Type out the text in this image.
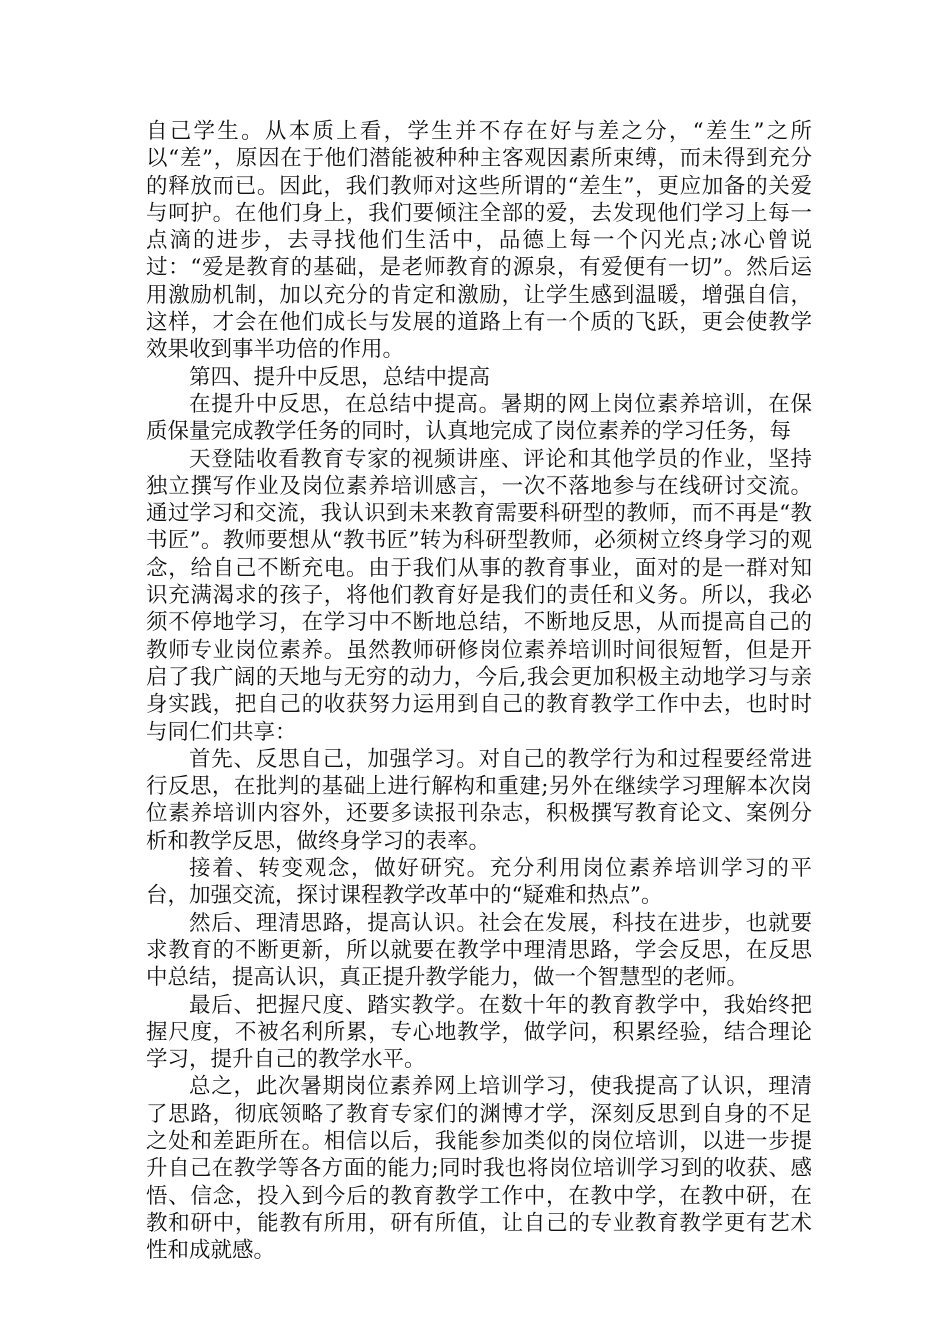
自己学生。从本质上看，学生并不存在好与差之分，“差生”之所以“差”，原因在于他们潜能被种种主客观因素所束缚，而未得到充分的释放而已。因此，我们教师对这些所谓的“差生”，更应加备的关爱与呵护。在他们身上，我们要倾注全部的爱，去发现他们学习上每一点滴的进步，去寻找他们生活中，品德上每一个闪光点;冰心曾说过：“爱是教育的基础，是老师教育的源泉，有爱便有一切”。然后运用激励机制，加以充分的肯定和激励，让学生感到温暖，增强自信，这样，才会在他们成长与发展的道路上有一个质的飞跃，更会使教学效果收到事半功倍的作用。

第四、提升中反思，总结中提高

在提升中反思，在总结中提高。暑期的网上岗位素养培训，在保质保量完成教学任务的同时，认真地完成了岗位素养的学习任务，每

天登陆收看教育专家的视频讲座、评论和其他学员的作业，坚持独立撰写作业及岗位素养培训感言，一次不落地参与在线研讨交流。通过学习和交流，我认识到未来教育需要科研型的教师，而不再是“教书匠”。教师要想从“教书匠”转为科研型教师，必须树立终身学习的观念，给自己不断充电。由于我们从事的教育事业，面对的是一群对知识充满渴求的孩子，将他们教育好是我们的责任和义务。所以，我必须不停地学习，在学习中不断地总结，不断地反思，从而提高自己的教师专业岗位素养。虽然教师研修岗位素养培训时间很短暂，但是开启了我广阔的天地与无穷的动力，今后,我会更加积极主动地学习与亲身实践，把自己的收获努力运用到自己的教育教学工作中去，也时时与同仁们共享：

首先、反思自己，加强学习。对自己的教学行为和过程要经常进行反思，在批判的基础上进行解构和重建;另外在继续学习理解本次岗位素养培训内容外，还要多读报刊杂志，积极撰写教育论文、案例分析和教学反思，做终身学习的表率。

接着、转变观念，做好研究。充分利用岗位素养培训学习的平台，加强交流，探讨课程教学改革中的“疑难和热点”。

然后、理清思路，提高认识。社会在发展，科技在进步，也就要求教育的不断更新，所以就要在教学中理清思路，学会反思，在反思中总结，提高认识，真正提升教学能力，做一个智慧型的老师。

最后、把握尺度、踏实教学。在数十年的教育教学中，我始终把握尺度，不被名利所累，专心地教学，做学问，积累经验，结合理论学习，提升自己的教学水平。

总之，此次暑期岗位素养网上培训学习，使我提高了认识，理清了思路，彻底领略了教育专家们的渊博才学，深刻反思到自身的不足之处和差距所在。相信以后，我能参加类似的岗位培训，以进一步提升自己在教学等各方面的能力;同时我也将岗位培训学习到的收获、感悟、信念，投入到今后的教育教学工作中，在教中学，在教中研，在教和研中，能教有所用，研有所值，让自己的专业教育教学更有艺术性和成就感。
